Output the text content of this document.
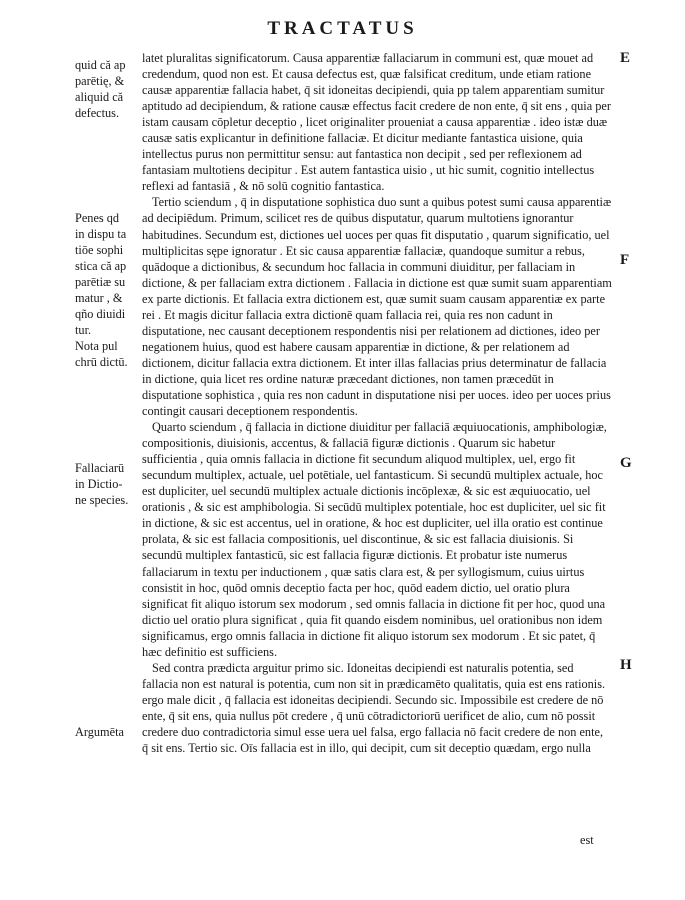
TRACTATUS
quid că ap
parētię, &
aliquid că
defectus.
Penes qd
in dispu ta
tiōe sophi
stica că ap
parētiæ su
matur , &
qño diuidi
tur.
Nota pul
chrū dictū.
Fallaciarū
in Dictio-
ne species.
Argumēta

latet pluralitas significatorum. Causa apparentiæ fallaciarum in communi est, quæ mouet ad credendum, quod non est. Et causa defectus est, quæ falsificat creditum, unde etiam ratione causæ apparentiæ fallacia habet, q̄ sit idoneitas decipiendi, quia pp talem apparentiam sumitur aptitudo ad decipiendum, & ratione causæ effectus facit credere de non ente, q̄ sit ens , quia per istam causam cōpletur deceptio , licet originaliter proueniat a causa apparentiæ . ideo istæ duæ causæ satis explicantur in definitione fallaciæ. Et dicitur mediante fantastica uisione, quia intellectus purus non permittitur sensu: aut fantastica non decipit , sed per reflexionem ad fantasiam multotiens decipitur . Est autem fantastica uisio , ut hic sumit, cognitio intellectus reflexi ad fantasiā , & nō solū cognitio fantastica.

Tertio sciendum , q̄ in disputatione sophistica duo sunt a quibus potest sumi causa apparentiæ ad decipiēdum. Primum, scilicet res de quibus disputatur, quarum multotiens ignorantur habitudines. Secundum est, dictiones uel uoces per quas fit disputatio , quarum significatio, uel multiplicitas sępe ignoratur . Et sic causa apparentiæ fallaciæ, quandoque sumitur a rebus, quādoque a dictionibus, & secundum hoc fallacia in communi diuiditur, per fallaciam in dictione, & per fallaciam extra dictionem . Fallacia in dictione est quæ sumit suam apparentiam ex parte dictionis. Et fallacia extra dictionem est, quæ sumit suam causam apparentiæ ex parte rei . Et magis dicitur fallacia extra dictionē quam fallacia rei, quia res non cadunt in disputatione, nec causant deceptionem respondentis nisi per relationem ad dictiones, ideo per negationem huius, quod est habere causam apparentiæ in dictione, & per relationem ad dictionem, dicitur fallacia extra dictionem. Et inter illas fallacias prius determinatur de fallacia in dictione, quia licet res ordine naturæ præcedant dictiones, non tamen præcedūt in disputatione sophistica , quia res non cadunt in disputatione nisi per uoces. ideo per uoces prius contingit causari deceptionem respondentis.

Quarto sciendum , q̄ fallacia in dictione diuiditur per fallaciā æquiuocationis, amphibologiæ, compositionis, diuisionis, accentus, & fallaciā figuræ dictionis . Quarum sic habetur sufficientia , quia omnis fallacia in dictione fit secundum aliquod multiplex, uel, ergo fit secundum multiplex, actuale, uel potētiale, uel fantasticum. Si secundū multiplex actuale, hoc est dupliciter, uel secundū multiplex actuale dictionis incōplexæ, & sic est æquiuocatio, uel orationis , & sic est amphibologia. Si secūdū multiplex potentiale, hoc est dupliciter, uel sic fit in dictione, & sic est accentus, uel in oratione, & hoc est dupliciter, uel illa oratio est continue prolata, & sic est fallacia compositionis, uel discontinue, & sic est fallacia diuisionis. Si secundū multiplex fantasticū, sic est fallacia figuræ dictionis. Et probatur iste numerus fallaciarum in textu per inductionem , quæ satis clara est, & per syllogismum, cuius uirtus consistit in hoc, quōd omnis deceptio facta per hoc, quōd eadem dictio, uel oratio plura significat fit aliquo istorum sex modorum , sed omnis fallacia in dictione fit per hoc, quod una dictio uel oratio plura significat , quia fit quando eisdem nominibus, uel orationibus non idem significamus, ergo omnis fallacia in dictione fit aliquo istorum sex modorum . Et sic patet, q̄ hæc definitio est sufficiens.

Sed contra prædicta arguitur primo sic. Idoneitas decipiendi est naturalis potentia, sed fallacia non est natural is potentia, cum non sit in prædicamēto qualitatis, quia est ens rationis. ergo male dicit , q̄ fallacia est idoneitas decipiendi. Secundo sic. Impossibile est credere de nō ente, q̄ sit ens, quia nullus pōt credere , q̄ unū cōtradictoriorū uerificet de alio, cum nō possit credere duo contradictoria simul esse uera uel falsa, ergo fallacia nō facit credere de non ente, q̄ sit ens. Tertio sic. Oīs fallacia est in illo, qui decipit, cum sit deceptio quædam, ergo nulla

E
F
G
H
est
